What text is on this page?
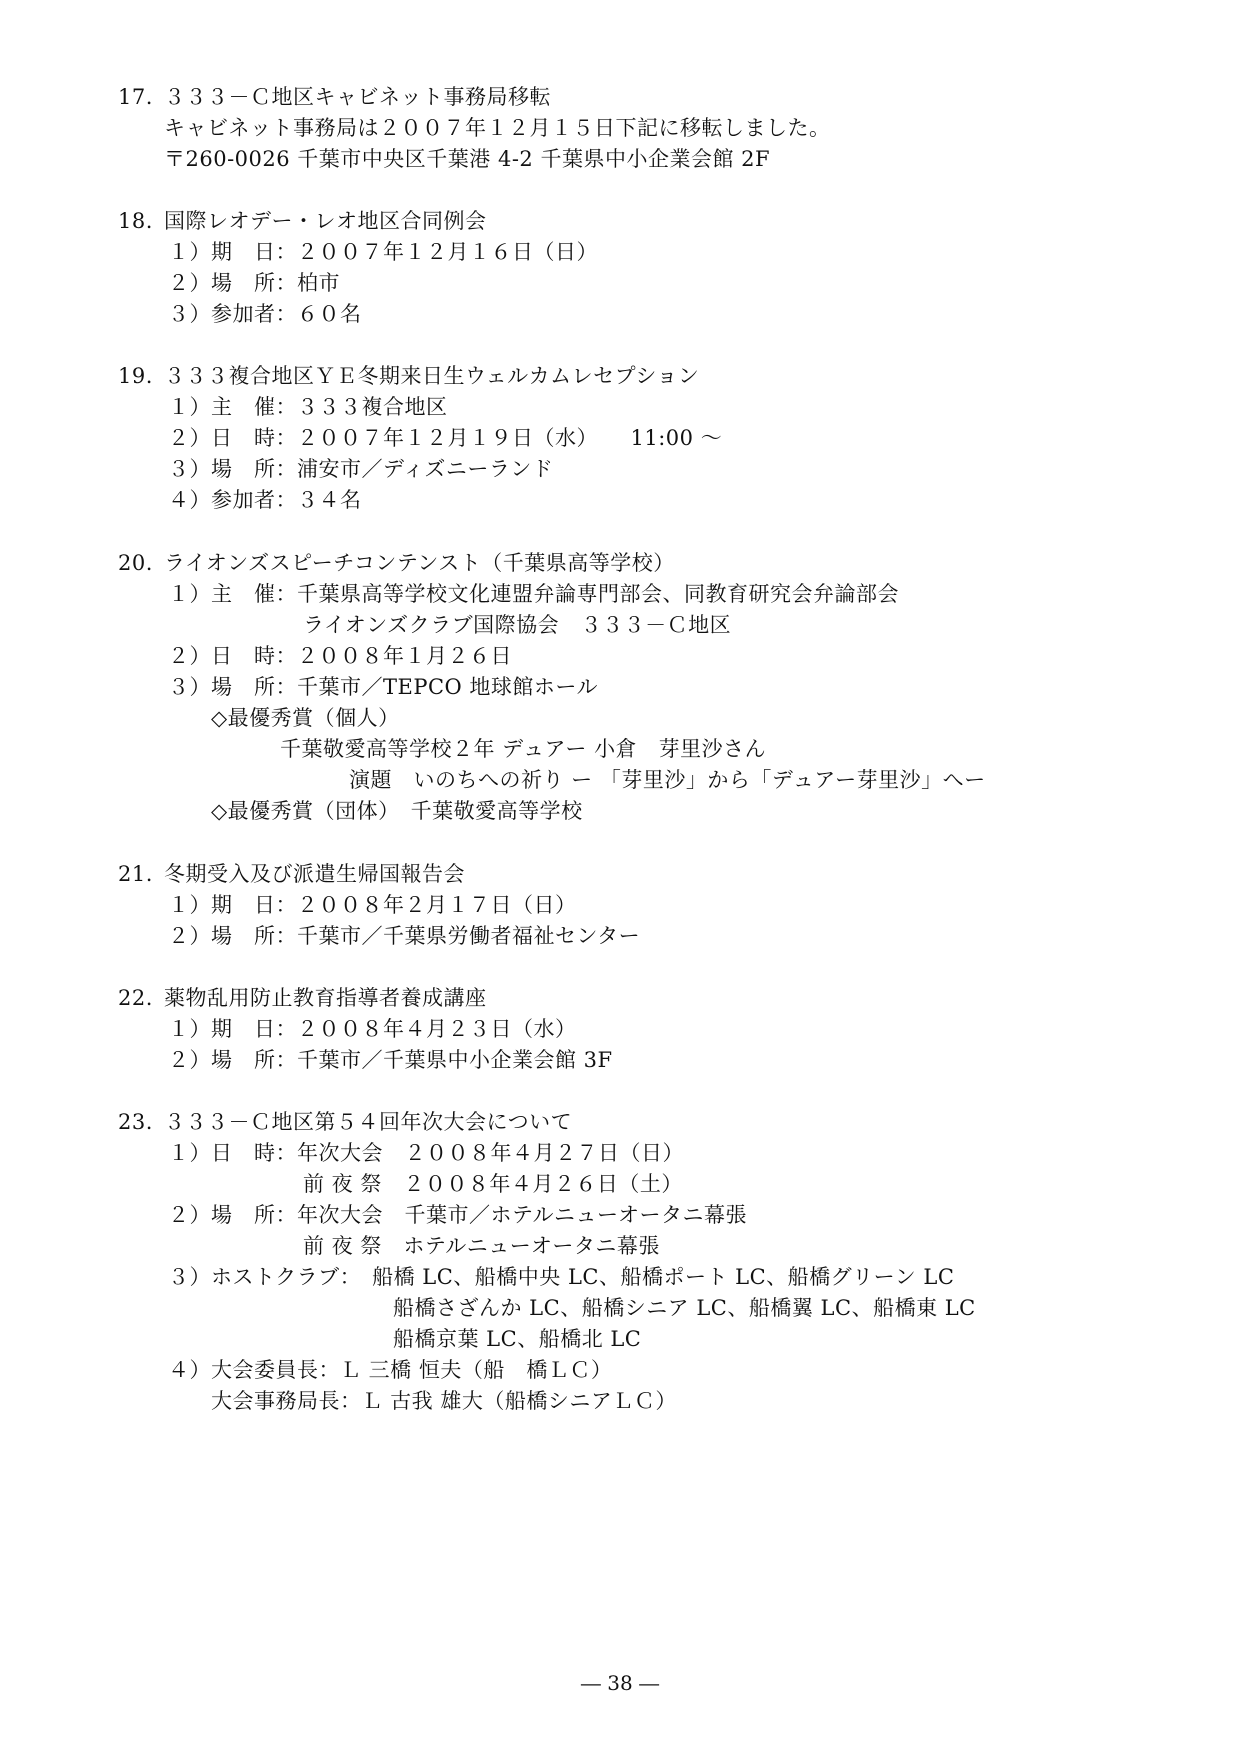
17. ３３３－Ｃ地区キャビネット事務局移転
キャビネット事務局は２００７年１２月１５日下記に移転しました。
〒260-0026 千葉市中央区千葉港 4-2 千葉県中小企業会館 2F
18. 国際レオデー・レオ地区合同例会
１）期　日：２００７年１２月１６日（日）
２）場　所：柏市
３）参加者：６０名
19. ３３３複合地区ＹＥ冬期来日生ウェルカムレセプション
１）主　催：３３３複合地区
２）日　時：２００７年１２月１９日（水）　　11:00 ～
３）場　所：浦安市／ディズニーランド
４）参加者：３４名
20. ライオンズスピーチコンテンスト（千葉県高等学校）
１）主　催：千葉県高等学校文化連盟弁論専門部会、同教育研究会弁論部会
ライオンズクラブ国際協会　３３３－Ｃ地区
２）日　時：２００８年１月２６日
３）場　所：千葉市／TEPCO 地球館ホール
◇最優秀賞（個人）
千葉敬愛高等学校２年 デュアー 小倉　芽里沙さん
演題　いのちへの祈り ー 「芽里沙」から「デュアー芽里沙」へー
◇最優秀賞（団体）　千葉敬愛高等学校
21. 冬期受入及び派遣生帰国報告会
１）期　日：２００８年２月１７日（日）
２）場　所：千葉市／千葉県労働者福祉センター
22. 薬物乱用防止教育指導者養成講座
１）期　日：２００８年４月２３日（水）
２）場　所：千葉市／千葉県中小企業会館 3F
23. ３３３－Ｃ地区第５４回年次大会について
１）日　時：年次大会　２００８年４月２７日（日）
前 夜 祭　２００８年４月２６日（土）
２）場　所：年次大会　千葉市／ホテルニューオータニ幕張
前 夜 祭　ホテルニューオータニ幕張
３）ホストクラブ：　船橋 LC、船橋中央 LC、船橋ポート LC、船橋グリーン LC
船橋さざんか LC、船橋シニア LC、船橋翼 LC、船橋東 LC
船橋京葉 LC、船橋北 LC
４）大会委員長：Ｌ 三橋 恒夫（船　橋ＬＣ）
大会事務局長：Ｌ 古我 雄大（船橋シニアＬＣ）
― 38 ―
